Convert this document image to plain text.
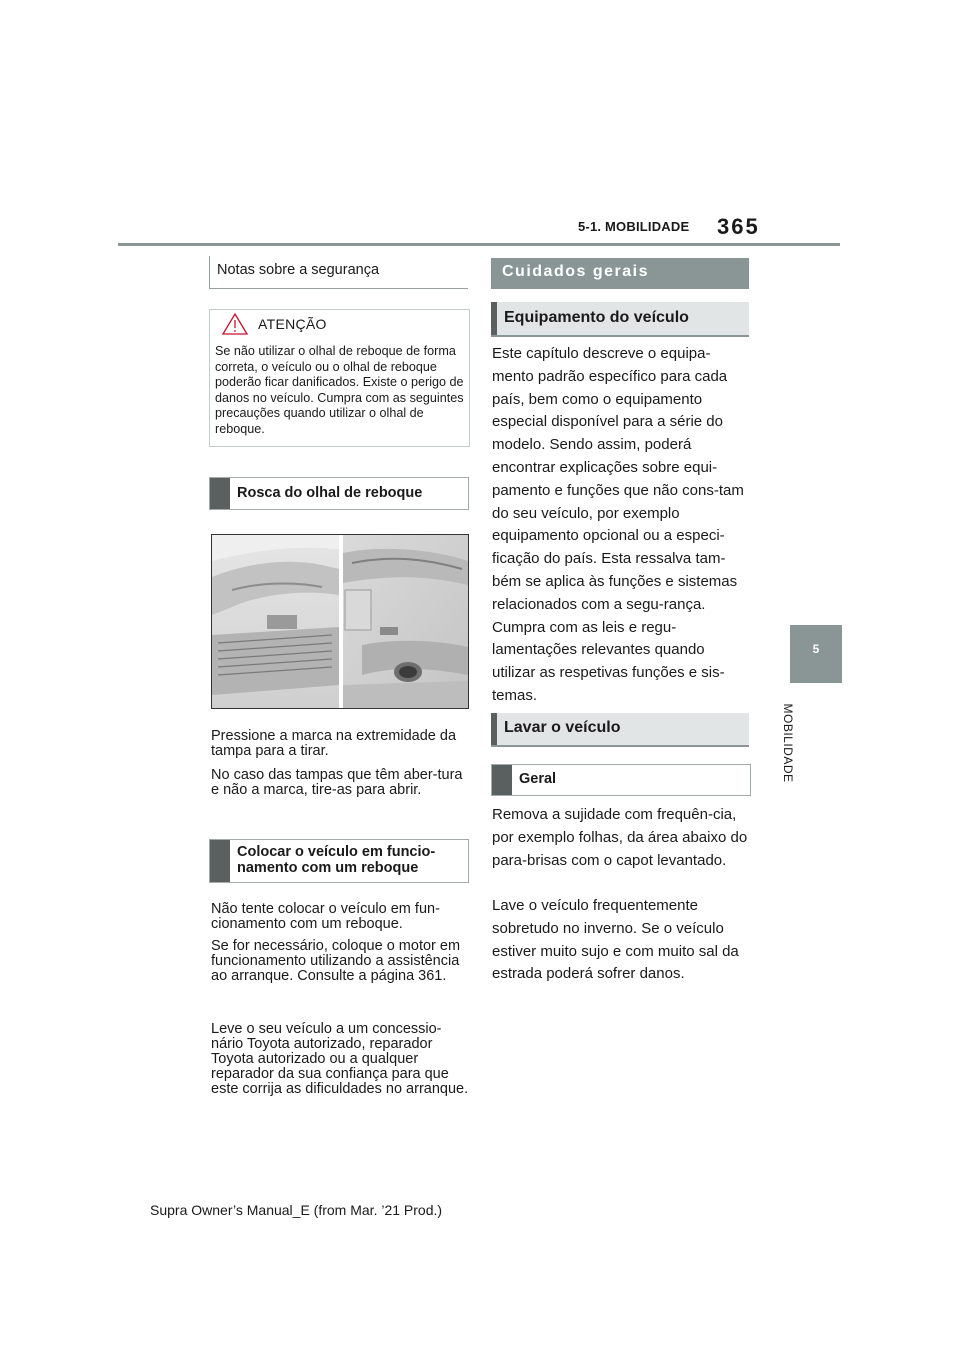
5-1. MOBILIDADE 365
5
MOBILIDADE
Notas sobre a segurança
ATENÇÃO
Se não utilizar o olhal de reboque de forma correta, o veículo ou o olhal de reboque poderão ficar danificados. Existe o perigo de danos no veículo. Cumpra com as seguintes precauções quando utilizar o olhal de reboque.
Rosca do olhal de reboque
Pressione a marca na extremidade da tampa para a tirar.
No caso das tampas que têm aber-tura e não a marca, tire-as para abrir.
Colocar o veículo em funcio-namento com um reboque
Não tente colocar o veículo em fun-cionamento com um reboque.
Se for necessário, coloque o motor em funcionamento utilizando a assistência ao arranque. Consulte a página 361.
Leve o seu veículo a um concessio-nário Toyota autorizado, reparador Toyota autorizado ou a qualquer reparador da sua confiança para que este corrija as dificuldades no arranque.
Cuidados gerais
Equipamento do veículo
Este capítulo descreve o equipa-mento padrão específico para cada país, bem como o equipamento especial disponível para a série do modelo. Sendo assim, poderá encontrar explicações sobre equi-pamento e funções que não cons-tam do seu veículo, por exemplo equipamento opcional ou a especi-ficação do país. Esta ressalva tam-bém se aplica às funções e sistemas relacionados com a segu-rança. Cumpra com as leis e regu-lamentações relevantes quando utilizar as respetivas funções e sis-temas.
Lavar o veículo
Geral
Remova a sujidade com frequên-cia, por exemplo folhas, da área abaixo do para-brisas com o capot levantado.
Lave o veículo frequentemente sobretudo no inverno. Se o veículo estiver muito sujo e com muito sal da estrada poderá sofrer danos.
Supra Owner’s Manual_E (from Mar. ’21 Prod.)
